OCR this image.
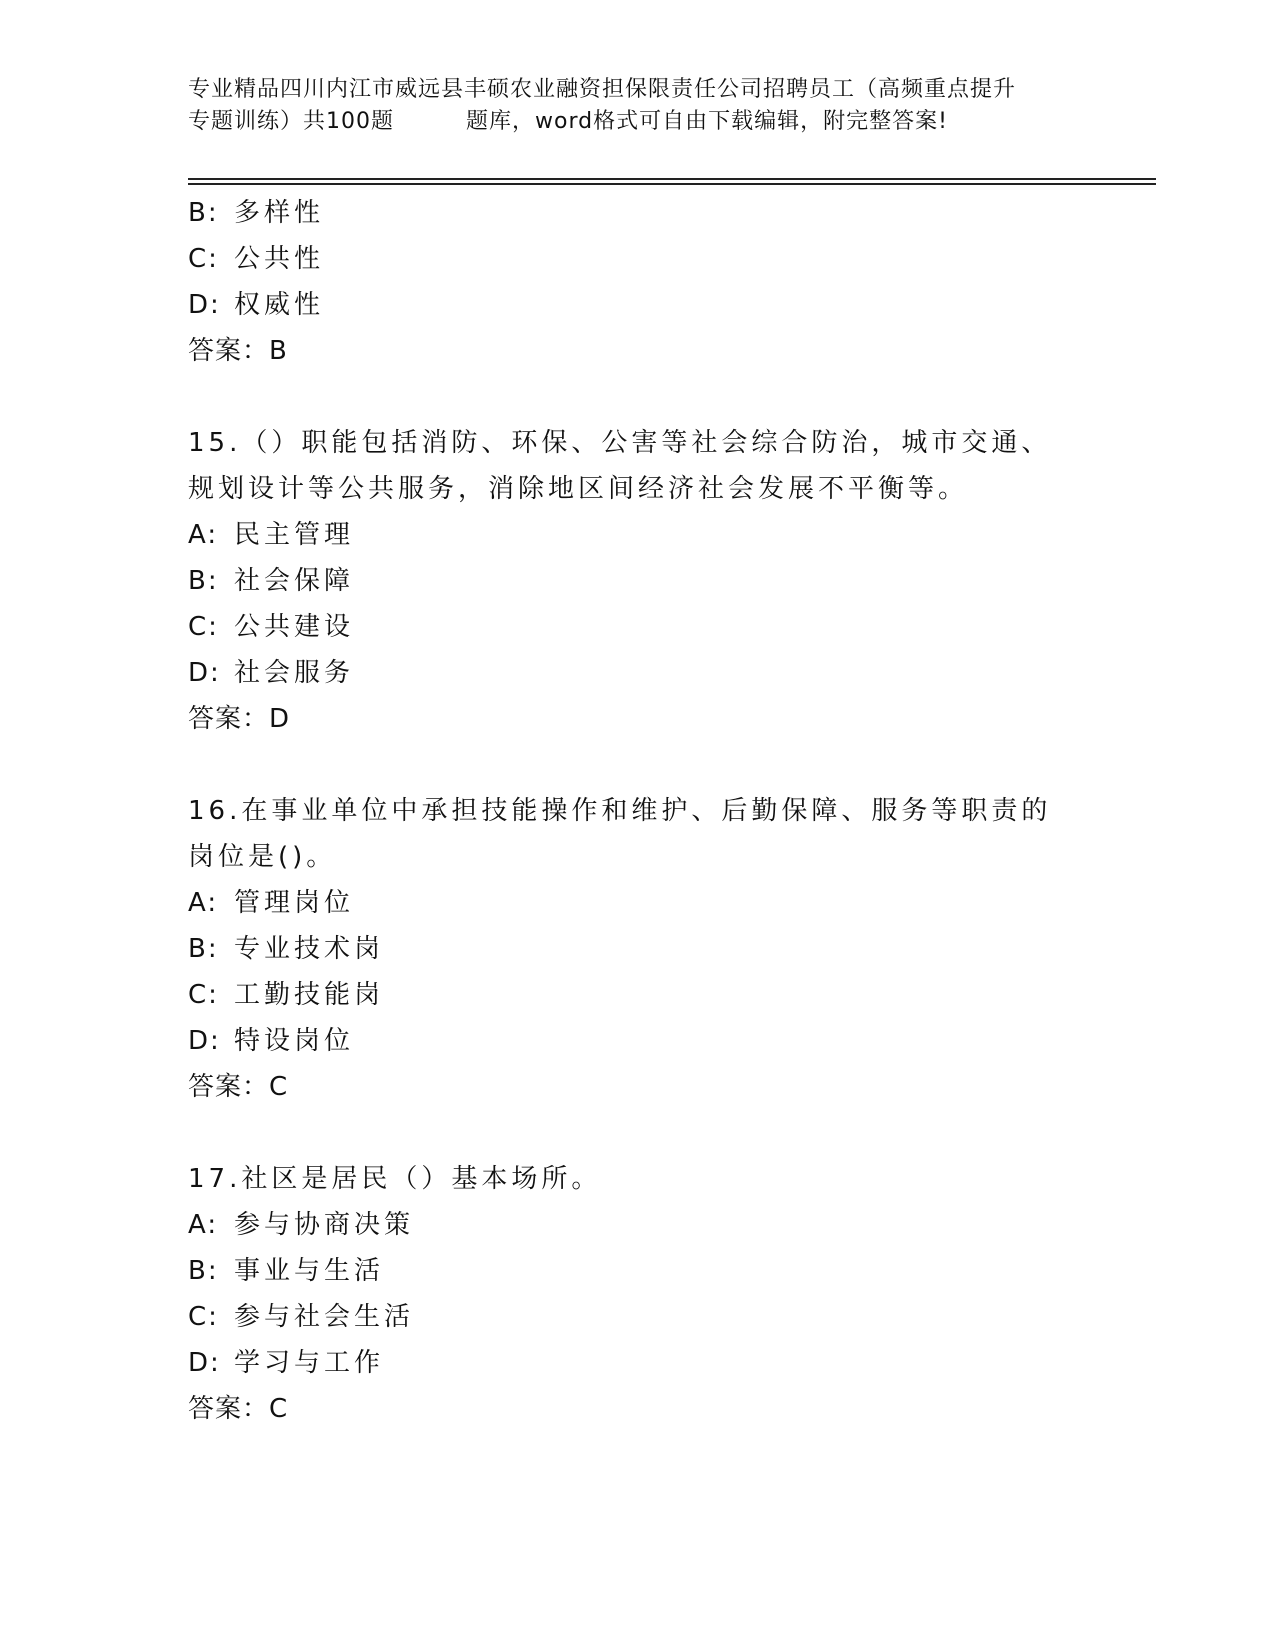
专业精品四川内江市威远县丰硕农业融资担保限责任公司招聘员工（高频重点提升
专题训练）共100题	题库，word格式可自由下载编辑，附完整答案!
B: 多样性
C: 公共性
D: 权威性
答案：B
15.（）职能包括消防、环保、公害等社会综合防治，城市交通、规划设计等公共服务，消除地区间经济社会发展不平衡等。
A: 民主管理
B: 社会保障
C: 公共建设
D: 社会服务
答案：D
16.在事业单位中承担技能操作和维护、后勤保障、服务等职责的岗位是()。
A: 管理岗位
B: 专业技术岗
C: 工勤技能岗
D: 特设岗位
答案：C
17.社区是居民（）基本场所。
A: 参与协商决策
B: 事业与生活
C: 参与社会生活
D: 学习与工作
答案：C
